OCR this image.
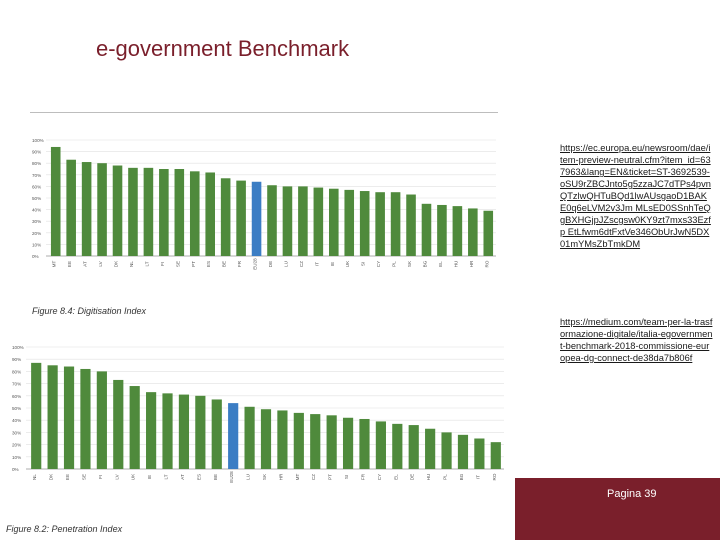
e-government Benchmark
100%
90%
80%
70%
60%
50%
40%
30%
20%
10%
0%
MT EE AT LV DK NL LT FI SE PT ES BE FR EU28 DE LU CZ IT IE UK SI CY PL SK BG EL HU HR RO
Figure 8.4: Digitisation Index
100%
90%
80%
70%
60%
50%
40%
30%
20%
10%
0%
NL DK EE SE FI LV UK IE LT AT ES BE EU28 LU SK HR MT CZ PT SI FR CY EL DE HU PL BG IT RO
Figure 8.2: Penetration Index
https://ec.europa.eu/newsroom/dae/item-preview-neutral.cfm?item_id=637963&lang=EN&ticket=ST-3692539-oSU9rZBCJnto5g5zzaJC7dTPs4pvnQTzlwQHTuBQd1lwAUsgaoD1BAKE0q6eLVM2v3Jm MLsED0SSnhTeQgBXHGjpJZscgsw0KY9zt7mxs33Ezfp EtLfwm6dtFxtVe346ObUrJwN5DX01mYMsZbTmkDM
https://medium.com/team-per-la-trasformazione-digitale/italia-egovernment-benchmark-2018-commissione-europea-dg-connect-de38da7b806f
Pagina 39
